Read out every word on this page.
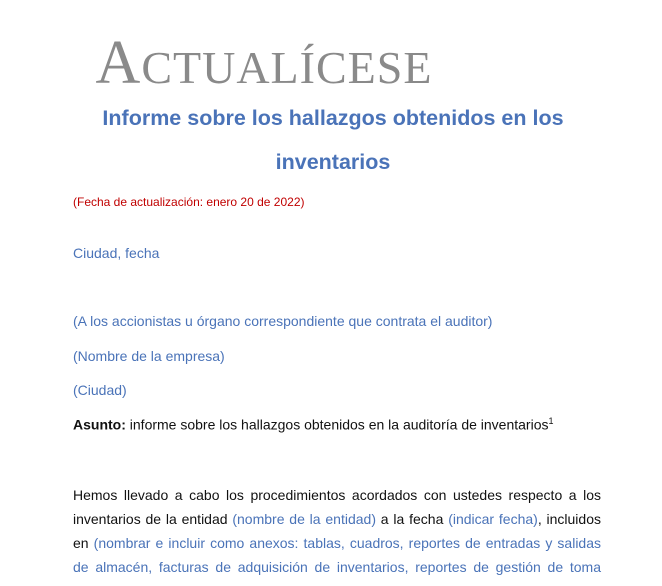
ACTUALÍCESE
Informe sobre los hallazgos obtenidos en los
inventarios
(Fecha de actualización: enero 20 de 2022)
Ciudad, fecha
(A los accionistas u órgano correspondiente que contrata el auditor)
(Nombre de la empresa)
(Ciudad)
Asunto: informe sobre los hallazgos obtenidos en la auditoría de inventarios$^1$
Hemos llevado a cabo los procedimientos acordados con ustedes respecto a los
inventarios de la entidad (nombre de la entidad) a la fecha (indicar fecha), incluidos
en (nombrar e incluir como anexos: tablas, cuadros, reportes de entradas y salidas
de almacén, facturas de adquisición de inventarios, reportes de gestión de toma
